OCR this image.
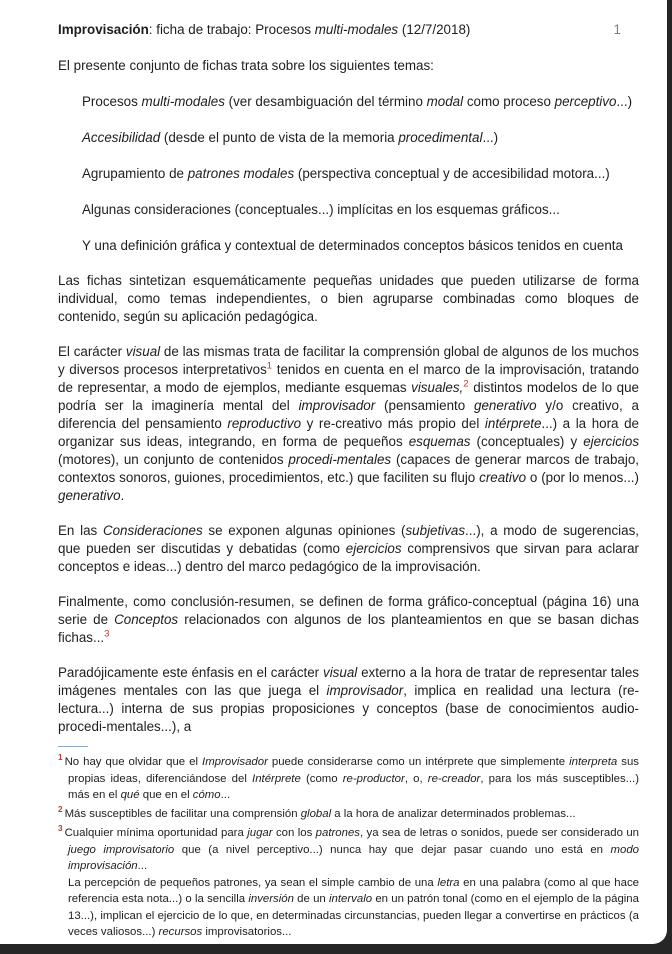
Improvisación: ficha de trabajo: Procesos multi-modales (12/7/2018)	1
El presente conjunto de fichas trata sobre los siguientes temas:
Procesos multi-modales (ver desambiguación del término modal como proceso perceptivo...)
Accesibilidad (desde el punto de vista de la memoria procedimental...)
Agrupamiento de patrones modales (perspectiva conceptual y de accesibilidad motora...)
Algunas consideraciones (conceptuales...) implícitas en los esquemas gráficos...
Y una definición gráfica y contextual de determinados conceptos básicos tenidos en cuenta
Las fichas sintetizan esquemáticamente pequeñas unidades que pueden utilizarse de forma individual, como temas independientes, o bien agruparse combinadas como bloques de contenido, según su aplicación pedagógica.
El carácter visual de las mismas trata de facilitar la comprensión global de algunos de los muchos y diversos procesos interpretativos$^1$ tenidos en cuenta en el marco de la improvisación, tratando de representar, a modo de ejemplos, mediante esquemas visuales,$^2$ distintos modelos de lo que podría ser la imaginería mental del improvisador (pensamiento generativo y/o creativo, a diferencia del pensamiento reproductivo y re-creativo más propio del intérprete...) a la hora de organizar sus ideas, integrando, en forma de pequeños esquemas (conceptuales) y ejercicios (motores), un conjunto de contenidos procedi-mentales (capaces de generar marcos de trabajo, contextos sonoros, guiones, procedimientos, etc.) que faciliten su flujo creativo o (por lo menos...) generativo.
En las Consideraciones se exponen algunas opiniones (subjetivas...), a modo de sugerencias, que pueden ser discutidas y debatidas (como ejercicios comprensivos que sirvan para aclarar conceptos e ideas...) dentro del marco pedagógico de la improvisación.
Finalmente, como conclusión-resumen, se definen de forma gráfico-conceptual (página 16) una serie de Conceptos relacionados con algunos de los planteamientos en que se basan dichas fichas...$^3$
Paradójicamente este énfasis en el carácter visual externo a la hora de tratar de representar tales imágenes mentales con las que juega el improvisador, implica en realidad una lectura (re-lectura...) interna de sus propias proposiciones y conceptos (base de conocimientos audio-procedi-mentales...), a
$^1$ No hay que olvidar que el Improvisador puede considerarse como un intérprete que simplemente interpreta sus propias ideas, diferenciándose del Intérprete (como re-productor, o, re-creador, para los más susceptibles...) más en el qué que en el cómo...
$^2$ Más susceptibles de facilitar una comprensión global a la hora de analizar determinados problemas...
$^3$ Cualquier mínima oportunidad para jugar con los patrones, ya sea de letras o sonidos, puede ser considerado un juego improvisatorio que (a nivel perceptivo...) nunca hay que dejar pasar cuando uno está en modo improvisación...
La percepción de pequeños patrones, ya sean el simple cambio de una letra en una palabra (como al que hace referencia esta nota...) o la sencilla inversión de un intervalo en un patrón tonal (como en el ejemplo de la página 13...), implican el ejercicio de lo que, en determinadas circunstancias, pueden llegar a convertirse en prácticos (a veces valiosos...) recursos improvisatorios...
